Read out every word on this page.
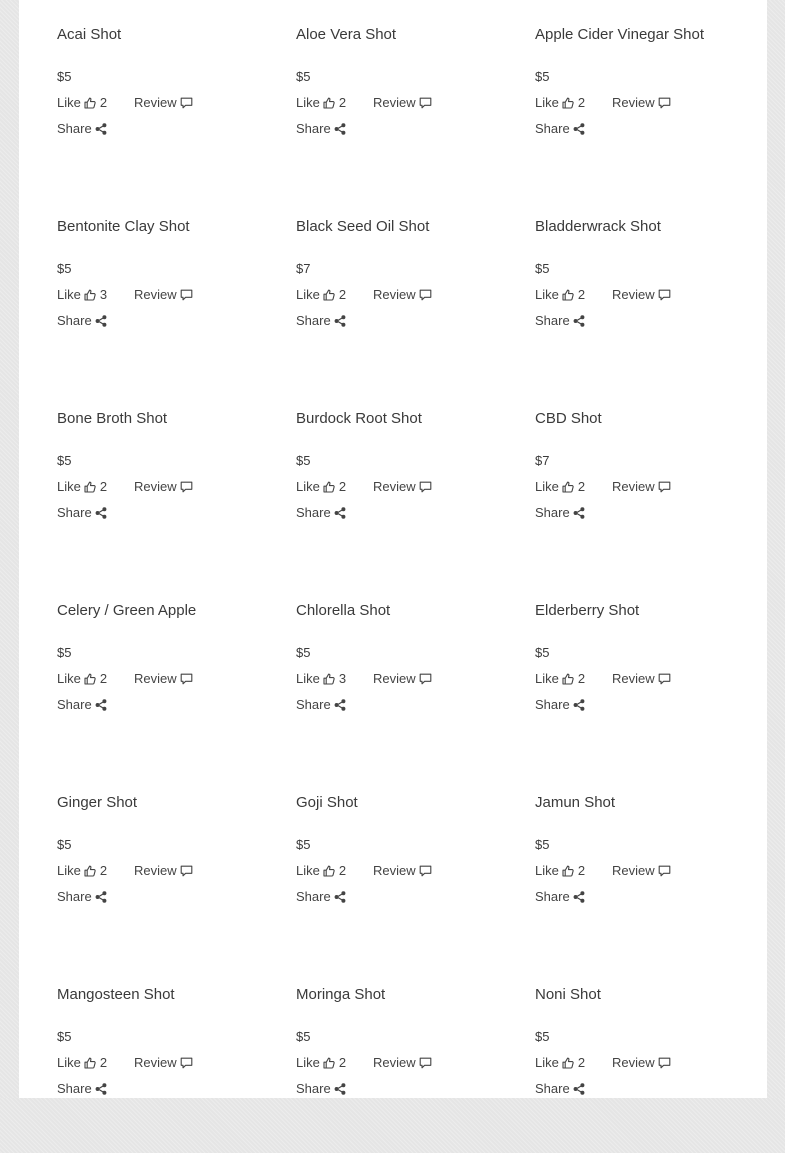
Acai Shot
$5
Like 2 Review
Share
Aloe Vera Shot
$5
Like 2 Review
Share
Apple Cider Vinegar Shot
$5
Like 2 Review
Share
Bentonite Clay Shot
$5
Like 3 Review
Share
Black Seed Oil Shot
$7
Like 2 Review
Share
Bladderwrack Shot
$5
Like 2 Review
Share
Bone Broth Shot
$5
Like 2 Review
Share
Burdock Root Shot
$5
Like 2 Review
Share
CBD Shot
$7
Like 2 Review
Share
Celery / Green Apple
$5
Like 2 Review
Share
Chlorella Shot
$5
Like 3 Review
Share
Elderberry Shot
$5
Like 2 Review
Share
Ginger Shot
$5
Like 2 Review
Share
Goji Shot
$5
Like 2 Review
Share
Jamun Shot
$5
Like 2 Review
Share
Mangosteen Shot
$5
Like 2 Review
Share
Moringa Shot
$5
Like 2 Review
Share
Noni Shot
$5
Like 2 Review
Share
